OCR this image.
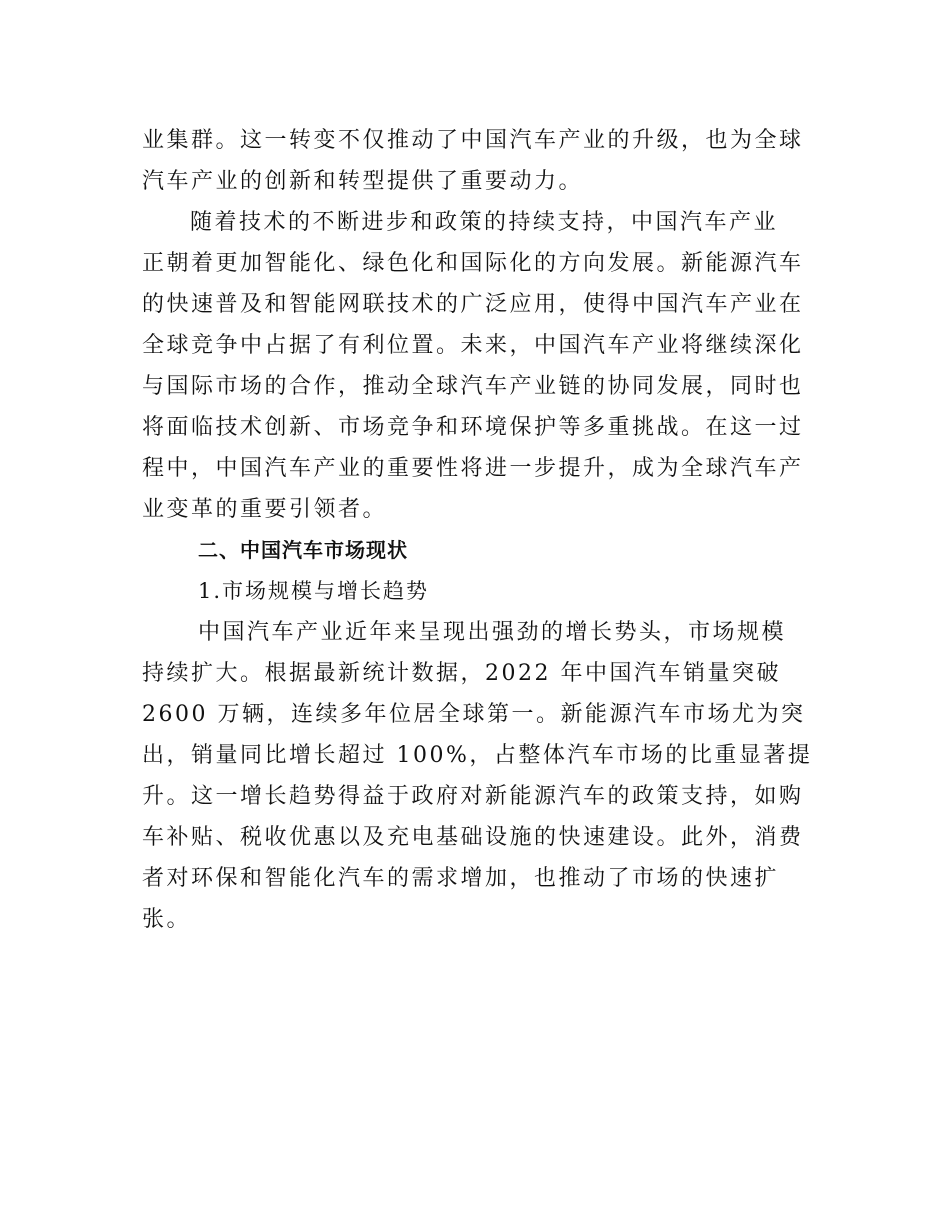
业集群。这一转变不仅推动了中国汽车产业的升级，也为全球
汽车产业的创新和转型提供了重要动力。
随着技术的不断进步和政策的持续支持，中国汽车产业
正朝着更加智能化、绿色化和国际化的方向发展。新能源汽车
的快速普及和智能网联技术的广泛应用，使得中国汽车产业在
全球竞争中占据了有利位置。未来，中国汽车产业将继续深化
与国际市场的合作，推动全球汽车产业链的协同发展，同时也
将面临技术创新、市场竞争和环境保护等多重挑战。在这一过
程中，中国汽车产业的重要性将进一步提升，成为全球汽车产
业变革的重要引领者。
二、中国汽车市场现状
1.市场规模与增长趋势
中国汽车产业近年来呈现出强劲的增长势头，市场规模
持续扩大。根据最新统计数据，2022 年中国汽车销量突破
2600 万辆，连续多年位居全球第一。新能源汽车市场尤为突
出，销量同比增长超过 100%，占整体汽车市场的比重显著提
升。这一增长趋势得益于政府对新能源汽车的政策支持，如购
车补贴、税收优惠以及充电基础设施的快速建设。此外，消费
者对环保和智能化汽车的需求增加，也推动了市场的快速扩
张。
